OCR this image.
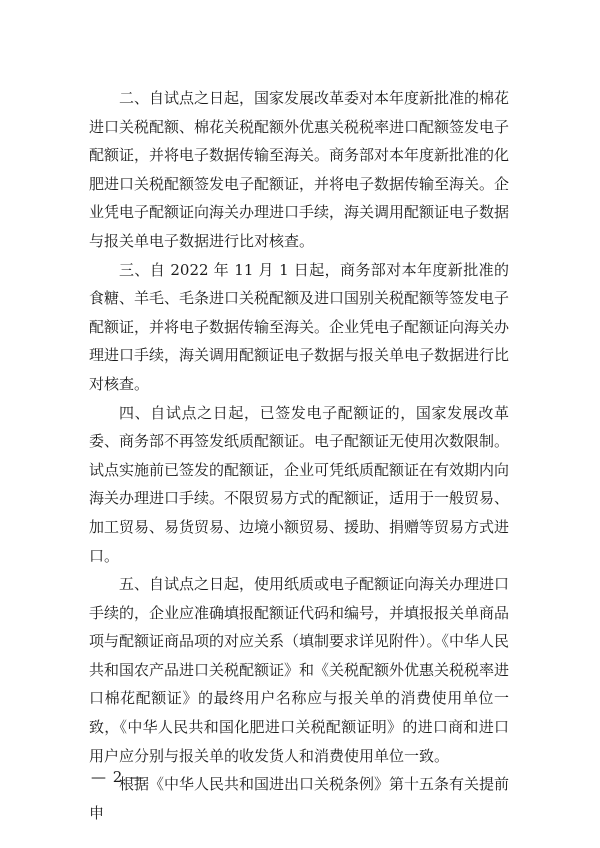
二、自试点之日起，国家发展改革委对本年度新批准的棉花进口关税配额、棉花关税配额外优惠关税税率进口配额签发电子配额证，并将电子数据传输至海关。商务部对本年度新批准的化肥进口关税配额签发电子配额证，并将电子数据传输至海关。企业凭电子配额证向海关办理进口手续，海关调用配额证电子数据与报关单电子数据进行比对核查。

三、自 2022 年 11 月 1 日起，商务部对本年度新批准的食糖、羊毛、毛条进口关税配额及进口国别关税配额等签发电子配额证，并将电子数据传输至海关。企业凭电子配额证向海关办理进口手续，海关调用配额证电子数据与报关单电子数据进行比对核查。

四、自试点之日起，已签发电子配额证的，国家发展改革委、商务部不再签发纸质配额证。电子配额证无使用次数限制。试点实施前已签发的配额证，企业可凭纸质配额证在有效期内向海关办理进口手续。不限贸易方式的配额证，适用于一般贸易、加工贸易、易货贸易、边境小额贸易、援助、捐赠等贸易方式进口。

五、自试点之日起，使用纸质或电子配额证向海关办理进口手续的，企业应准确填报配额证代码和编号，并填报报关单商品项与配额证商品项的对应关系（填制要求详见附件）。《中华人民共和国农产品进口关税配额证》和《关税配额外优惠关税税率进口棉花配额证》的最终用户名称应与报关单的消费使用单位一致，《中华人民共和国化肥进口关税配额证明》的进口商和进口用户应分别与报关单的收发货人和消费使用单位一致。

根据《中华人民共和国进出口关税条例》第十五条有关提前申

— 2 —
